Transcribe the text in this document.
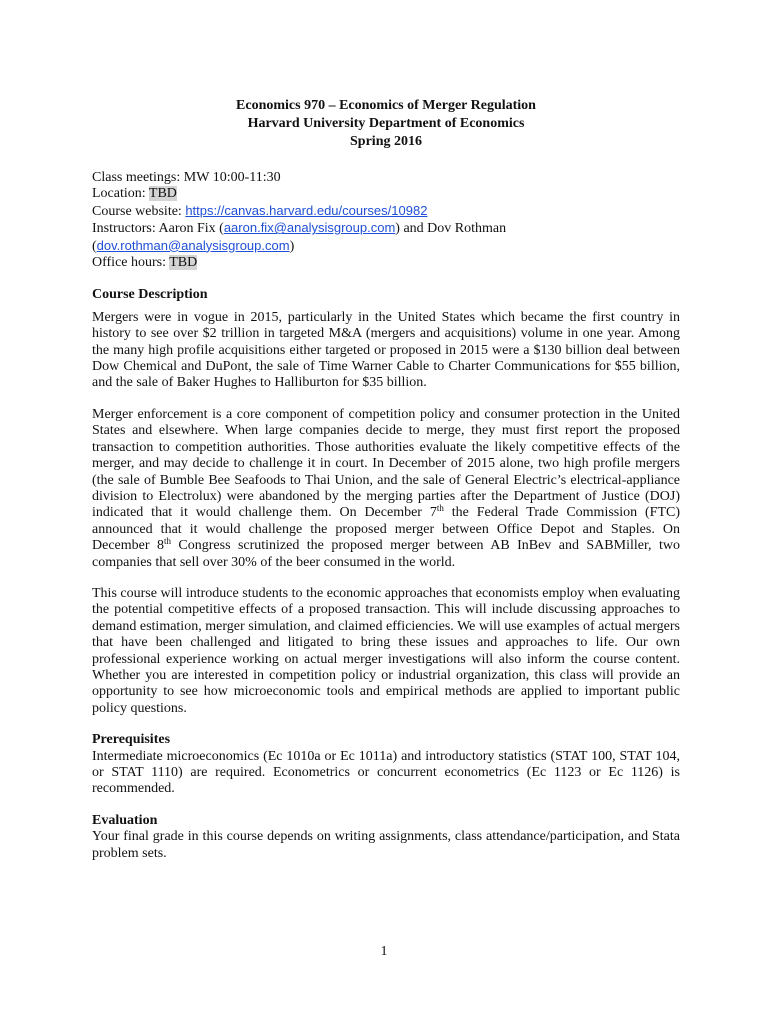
Economics 970 – Economics of Merger Regulation
Harvard University Department of Economics
Spring 2016
Class meetings: MW 10:00-11:30
Location: TBD
Course website: https://canvas.harvard.edu/courses/10982
Instructors: Aaron Fix (aaron.fix@analysisgroup.com) and Dov Rothman
(dov.rothman@analysisgroup.com)
Office hours: TBD
Course Description

Mergers were in vogue in 2015, particularly in the United States which became the first country in history to see over $2 trillion in targeted M&A (mergers and acquisitions) volume in one year. Among the many high profile acquisitions either targeted or proposed in 2015 were a $130 billion deal between Dow Chemical and DuPont, the sale of Time Warner Cable to Charter Communications for $55 billion, and the sale of Baker Hughes to Halliburton for $35 billion.

Merger enforcement is a core component of competition policy and consumer protection in the United States and elsewhere. When large companies decide to merge, they must first report the proposed transaction to competition authorities. Those authorities evaluate the likely competitive effects of the merger, and may decide to challenge it in court. In December of 2015 alone, two high profile mergers (the sale of Bumble Bee Seafoods to Thai Union, and the sale of General Electric’s electrical-appliance division to Electrolux) were abandoned by the merging parties after the Department of Justice (DOJ) indicated that it would challenge them. On December 7th the Federal Trade Commission (FTC) announced that it would challenge the proposed merger between Office Depot and Staples. On December 8th Congress scrutinized the proposed merger between AB InBev and SABMiller, two companies that sell over 30% of the beer consumed in the world.

This course will introduce students to the economic approaches that economists employ when evaluating the potential competitive effects of a proposed transaction. This will include discussing approaches to demand estimation, merger simulation, and claimed efficiencies. We will use examples of actual mergers that have been challenged and litigated to bring these issues and approaches to life. Our own professional experience working on actual merger investigations will also inform the course content. Whether you are interested in competition policy or industrial organization, this class will provide an opportunity to see how microeconomic tools and empirical methods are applied to important public policy questions.

Prerequisites

Intermediate microeconomics (Ec 1010a or Ec 1011a) and introductory statistics (STAT 100, STAT 104, or STAT 1110) are required. Econometrics or concurrent econometrics (Ec 1123 or Ec 1126) is recommended.

Evaluation

Your final grade in this course depends on writing assignments, class attendance/participation, and Stata problem sets.

1
